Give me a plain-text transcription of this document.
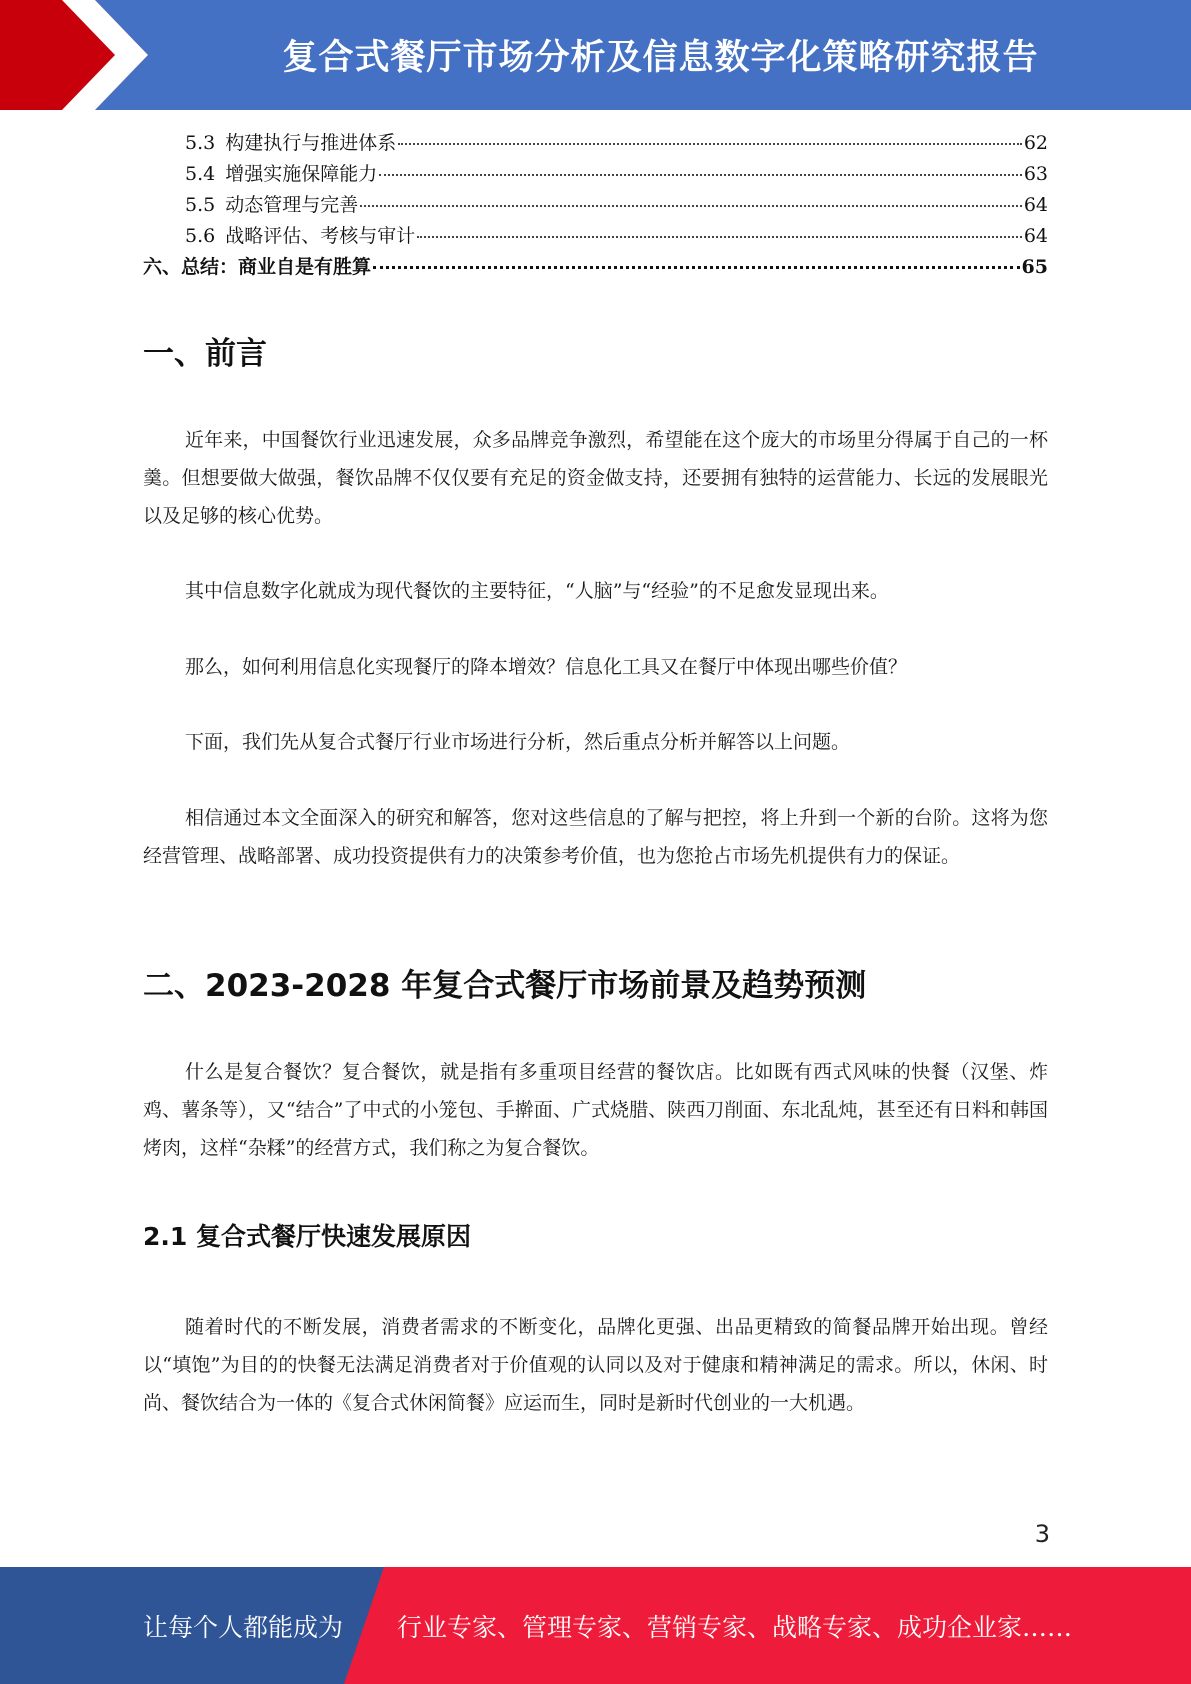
复合式餐厅市场分析及信息数字化策略研究报告
5.3 构建执行与推进体系	62
5.4 增强实施保障能力	63
5.5 动态管理与完善	64
5.6 战略评估、考核与审计	64
六、总结：商业自是有胜算	65
一、前言

近年来，中国餐饮行业迅速发展，众多品牌竞争激烈，希望能在这个庞大的市场里分得属于自己的一杯羹。但想要做大做强，餐饮品牌不仅仅要有充足的资金做支持，还要拥有独特的运营能力、长远的发展眼光以及足够的核心优势。

其中信息数字化就成为现代餐饮的主要特征，“人脑”与“经验”的不足愈发显现出来。

那么，如何利用信息化实现餐厅的降本增效？信息化工具又在餐厅中体现出哪些价值？

下面，我们先从复合式餐厅行业市场进行分析，然后重点分析并解答以上问题。

相信通过本文全面深入的研究和解答，您对这些信息的了解与把控，将上升到一个新的台阶。这将为您经营管理、战略部署、成功投资提供有力的决策参考价值，也为您抢占市场先机提供有力的保证。

二、2023-2028 年复合式餐厅市场前景及趋势预测

什么是复合餐饮？复合餐饮，就是指有多重项目经营的餐饮店。比如既有西式风味的快餐（汉堡、炸鸡、薯条等），又“结合”了中式的小笼包、手擀面、广式烧腊、陕西刀削面、东北乱炖，甚至还有日料和韩国烤肉，这样“杂糅”的经营方式，我们称之为复合餐饮。

2.1 复合式餐厅快速发展原因

随着时代的不断发展，消费者需求的不断变化，品牌化更强、出品更精致的简餐品牌开始出现。曾经以“填饱”为目的的快餐无法满足消费者对于价值观的认同以及对于健康和精神满足的需求。所以，休闲、时尚、餐饮结合为一体的《复合式休闲简餐》应运而生，同时是新时代创业的一大机遇。

3
让每个人都能成为 行业专家、管理专家、营销专家、战略专家、成功企业家……
